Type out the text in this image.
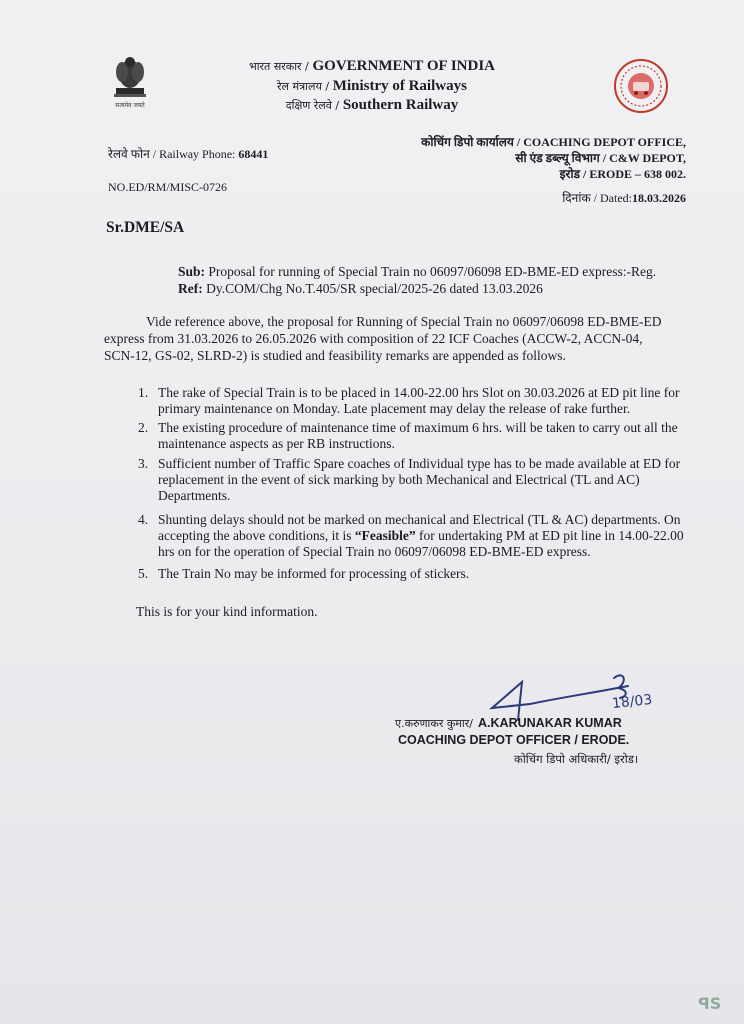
सत्यमेव जयते
भारत सरकार / GOVERNMENT OF INDIA
रेल मंत्रालय / Ministry of Railways
दक्षिण रेलवे / Southern Railway
रेलवे फोन / Railway Phone: 68441
कोचिंग डिपो कार्यालय / COACHING DEPOT OFFICE,
सी एंड डब्ल्यू विभाग / C&W DEPOT,
इरोड / ERODE – 638 002.
NO.ED/RM/MISC-0726
दिनांक / Dated:18.03.2026
Sr.DME/SA
Sub: Proposal for running of Special Train no 06097/06098 ED-BME-ED express:-Reg.
Ref: Dy.COM/Chg No.T.405/SR special/2025-26 dated 13.03.2026
Vide reference above, the proposal for Running of Special Train no 06097/06098 ED-BME-ED
express from 31.03.2026 to 26.05.2026 with composition of 22 ICF Coaches (ACCW-2, ACCN-04,
SCN-12, GS-02, SLRD-2) is studied and feasibility remarks are appended as follows.
1. The rake of Special Train is to be placed in 14.00-22.00 hrs Slot on 30.03.2026 at ED pit line for primary maintenance on Monday. Late placement may delay the release of rake further.
2. The existing procedure of maintenance time of maximum 6 hrs. will be taken to carry out all the maintenance aspects as per RB instructions.
3. Sufficient number of Traffic Spare coaches of Individual type has to be made available at ED for replacement in the event of sick marking by both Mechanical and Electrical (TL and AC) Departments.
4. Shunting delays should not be marked on mechanical and Electrical (TL & AC) departments. On accepting the above conditions, it is “Feasible” for undertaking PM at ED pit line in 14.00-22.00 hrs on for the operation of Special Train no 06097/06098 ED-BME-ED express.
5. The Train No may be informed for processing of stickers.
This is for your kind information.
18/03
ए.करुणाकर कुमार/ A.KARUNAKAR KUMAR
COACHING DEPOT OFFICER / ERODE.
कोचिंग डिपो अधिकारी/ इरोड।
ꟼS
